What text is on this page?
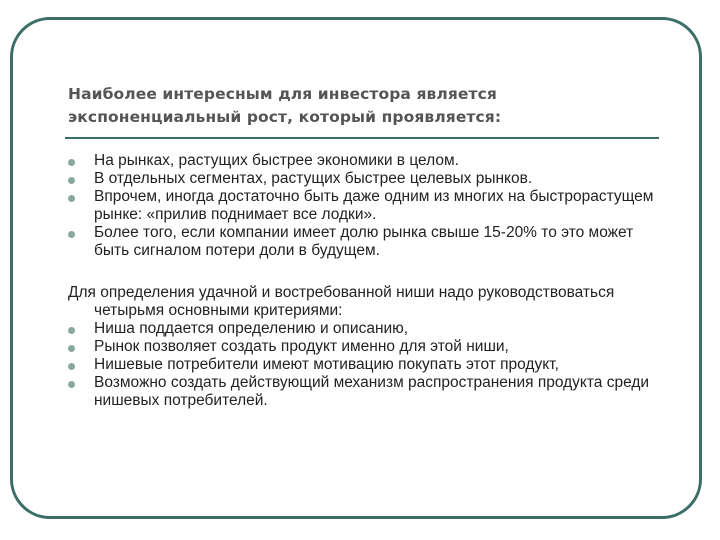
Наиболее интересным для инвестора является экспоненциальный рост, который проявляется:
На рынках, растущих быстрее экономики в целом.
В отдельных сегментах, растущих быстрее целевых рынков.
Впрочем, иногда достаточно быть даже одним из многих на быстрорастущем рынке: «прилив поднимает все лодки».
Более того, если компании имеет долю рынка свыше 15-20% то это может быть сигналом потери доли в будущем.

Для определения удачной и востребованной ниши надо руководствоваться четырьмя основными критериями:

Ниша поддается определению и описанию,
Рынок позволяет создать продукт именно для этой ниши,
Нишевые потребители имеют мотивацию покупать этот продукт,
Возможно создать действующий механизм распространения продукта среди нишевых потребителей.
